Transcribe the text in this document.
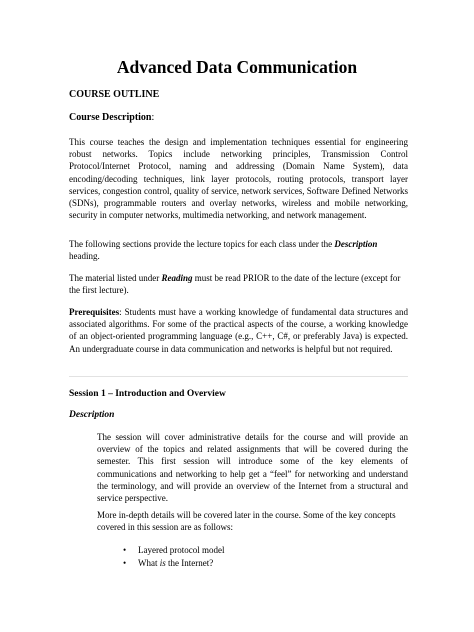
Advanced Data Communication
COURSE OUTLINE
Course Description:

This course teaches the design and implementation techniques essential for engineering robust networks. Topics include networking principles, Transmission Control Protocol/Internet Protocol, naming and addressing (Domain Name System), data encoding/decoding techniques, link layer protocols, routing protocols, transport layer services, congestion control, quality of service, network services, Software Defined Networks (SDNs), programmable routers and overlay networks, wireless and mobile networking, security in computer networks, multimedia networking, and network management.

The following sections provide the lecture topics for each class under the Description heading.

The material listed under Reading must be read PRIOR to the date of the lecture (except for the first lecture).

Prerequisites: Students must have a working knowledge of fundamental data structures and associated algorithms. For some of the practical aspects of the course, a working knowledge of an object-oriented programming language (e.g., C++, C#, or preferably Java) is expected. An undergraduate course in data communication and networks is helpful but not required.

Session 1 – Introduction and Overview
Description

The session will cover administrative details for the course and will provide an overview of the topics and related assignments that will be covered during the semester. This first session will introduce some of the key elements of communications and networking to help get a “feel” for networking and understand the terminology, and will provide an overview of the Internet from a structural and service perspective.

More in-depth details will be covered later in the course. Some of the key concepts covered in this session are as follows:

• Layered protocol model
• What is the Internet?
